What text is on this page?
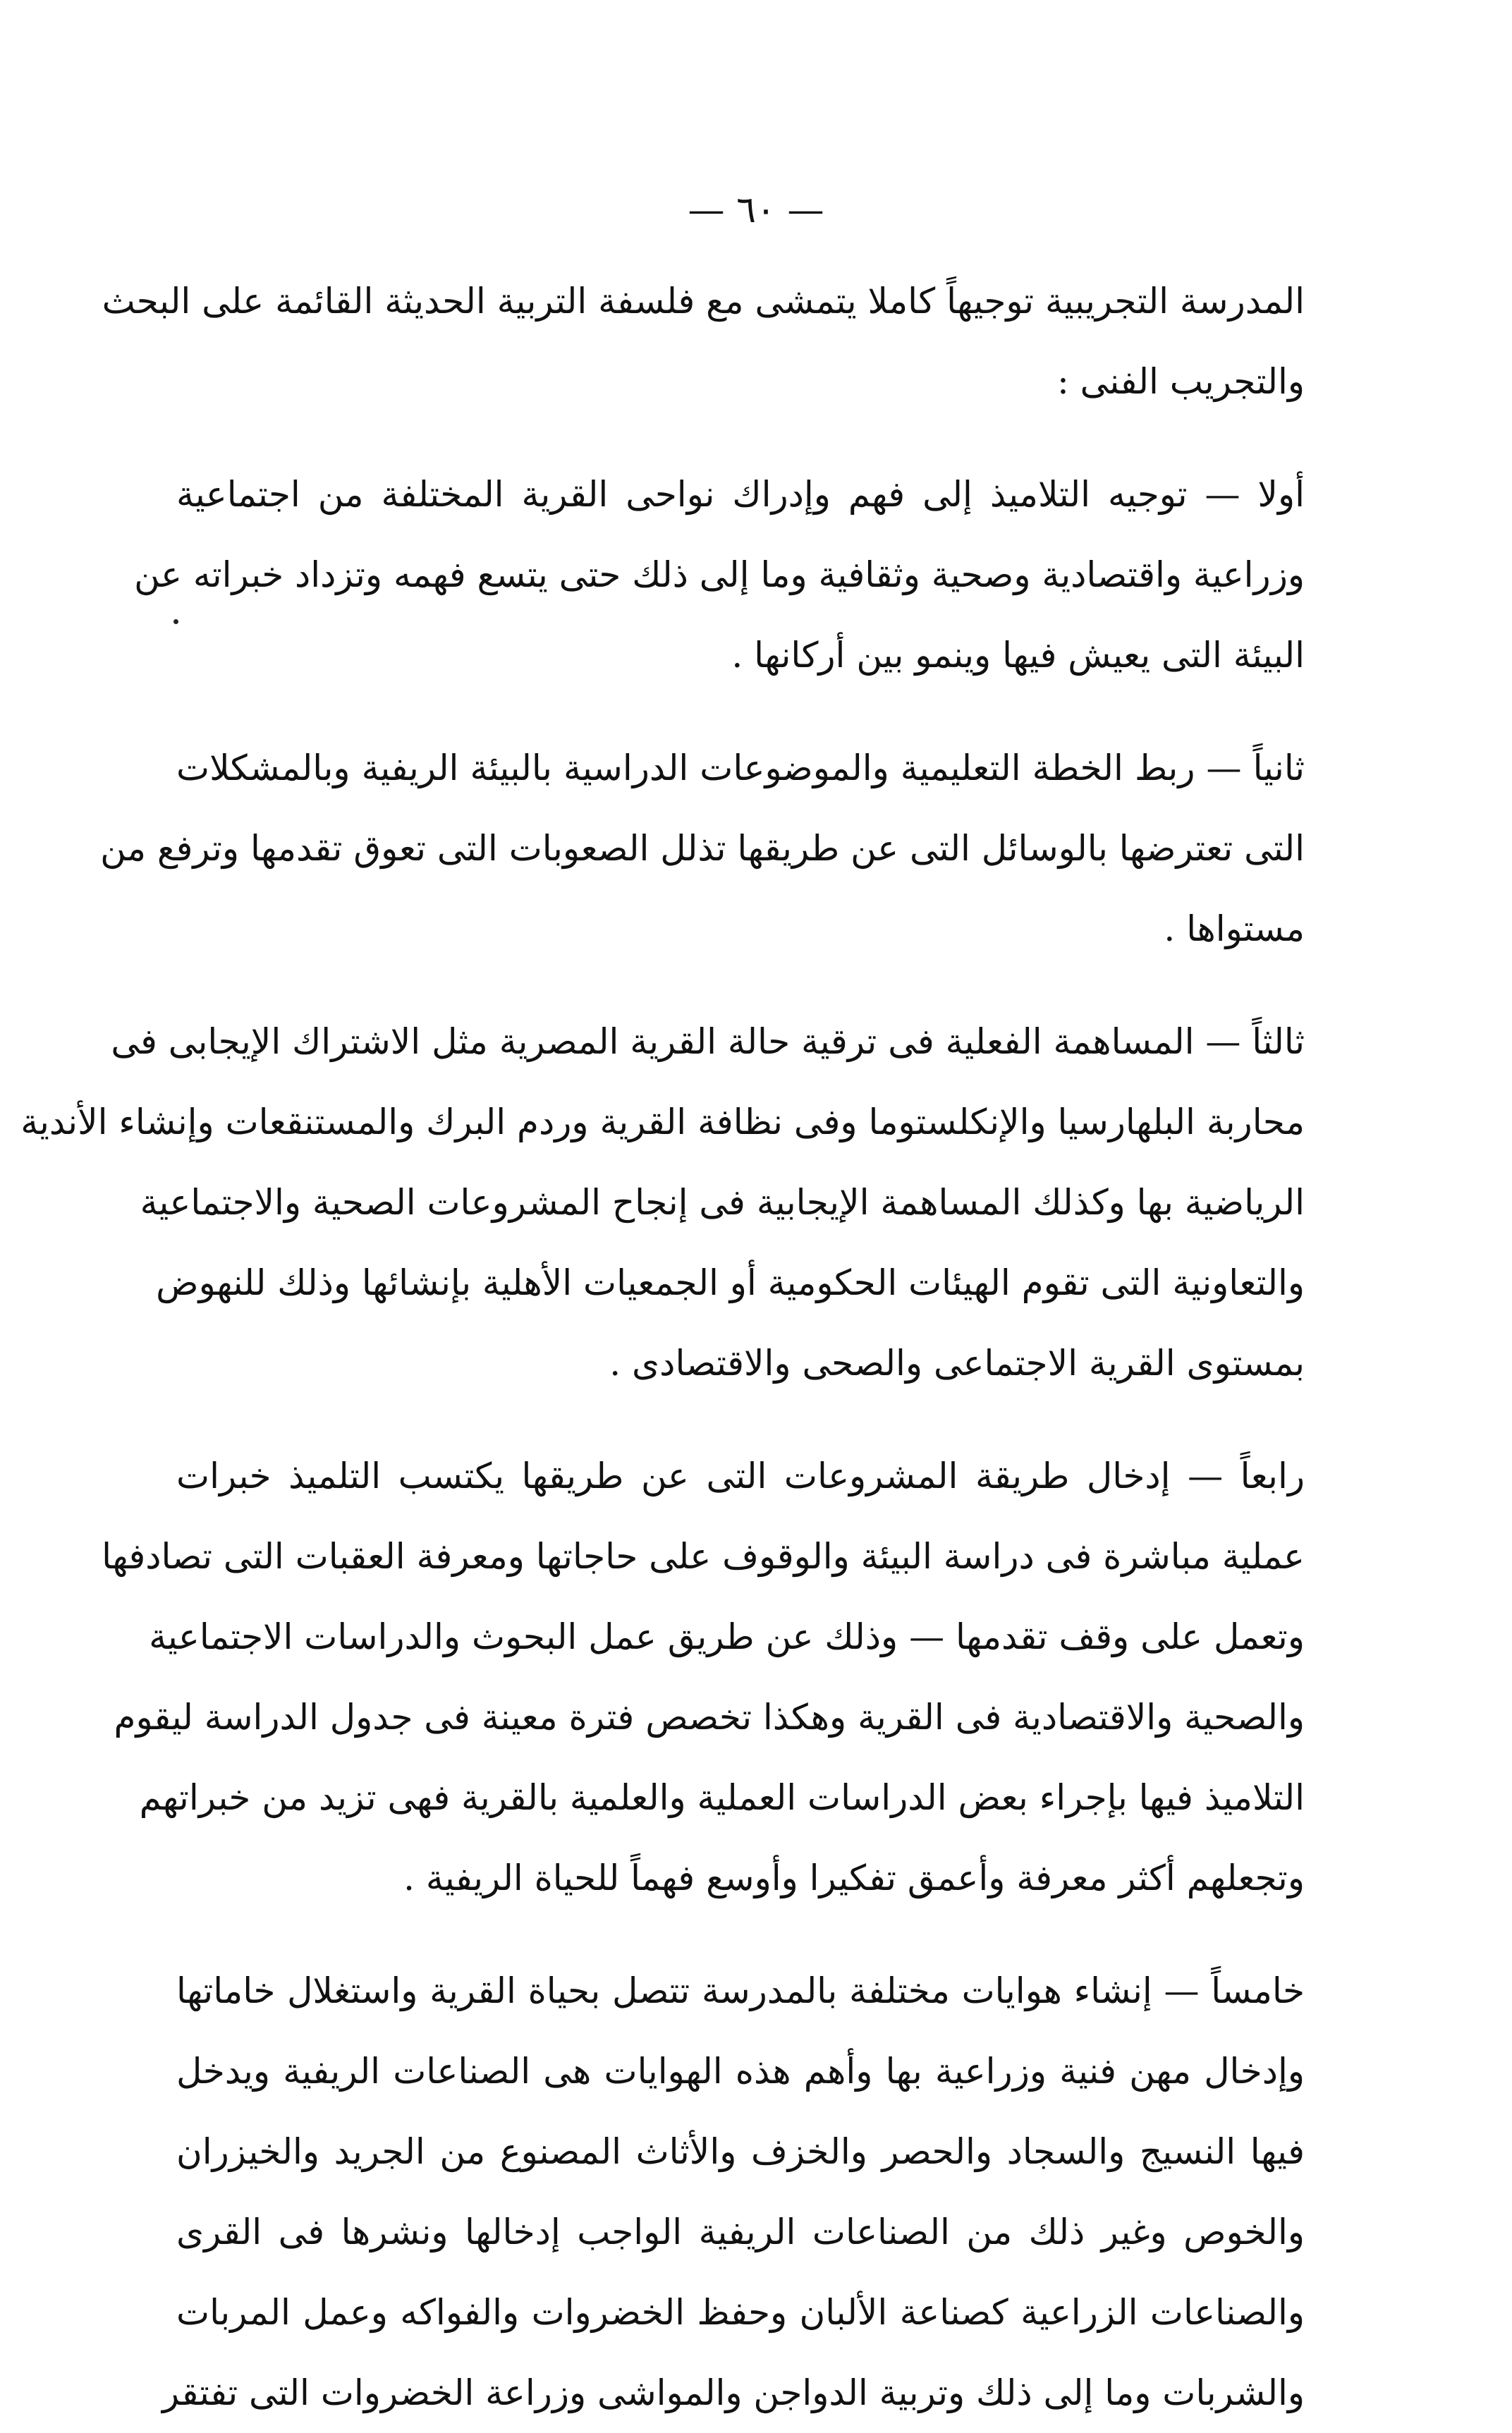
— ٦٠ —

المدرسة التجريبية توجيهاً كاملا يتمشى مع فلسفة التربية الحديثة القائمة على البحث
والتجريب الفنى :

أولا — توجيه التلاميذ إلى فهم وإدراك نواحى القرية المختلفة من اجتماعية
وزراعية واقتصادية وصحية وثقافية وما إلى ذلك حتى يتسع فهمه وتزداد خبراته عن
البيئة التى يعيش فيها وينمو بين أركانها .

ثانياً — ربط الخطة التعليمية والموضوعات الدراسية بالبيئة الريفية وبالمشكلات
التى تعترضها بالوسائل التى عن طريقها تذلل الصعوبات التى تعوق تقدمها وترفع من
مستواها .

ثالثاً — المساهمة الفعلية فى ترقية حالة القرية المصرية مثل الاشتراك الإيجابى فى
محاربة البلهارسيا والإنكلستوما وفى نظافة القرية وردم البرك والمستنقعات وإنشاء الأندية
الرياضية بها وكذلك المساهمة الإيجابية فى إنجاح المشروعات الصحية والاجتماعية
والتعاونية التى تقوم الهيئات الحكومية أو الجمعيات الأهلية بإنشائها وذلك للنهوض
بمستوى القرية الاجتماعى والصحى والاقتصادى .

رابعاً — إدخال طريقة المشروعات التى عن طريقها يكتسب التلميذ خبرات
عملية مباشرة فى دراسة البيئة والوقوف على حاجاتها ومعرفة العقبات التى تصادفها
وتعمل على وقف تقدمها — وذلك عن طريق عمل البحوث والدراسات الاجتماعية
والصحية والاقتصادية فى القرية وهكذا تخصص فترة معينة فى جدول الدراسة ليقوم
التلاميذ فيها بإجراء بعض الدراسات العملية والعلمية بالقرية فهى تزيد من خبراتهم
وتجعلهم أكثر معرفة وأعمق تفكيرا وأوسع فهماً للحياة الريفية .

خامساً — إنشاء هوايات مختلفة بالمدرسة تتصل بحياة القرية واستغلال خاماتها
وإدخال مهن فنية وزراعية بها وأهم هذه الهوايات هى الصناعات الريفية ويدخل
فيها النسيج والسجاد والحصر والخزف والأثاث المصنوع من الجريد والخيزران
والخوص وغير ذلك من الصناعات الريفية الواجب إدخالها ونشرها فى القرى
والصناعات الزراعية كصناعة الألبان وحفظ الخضروات والفواكه وعمل المربات
والشربات وما إلى ذلك وتربية الدواجن والمواشى وزراعة الخضروات التى تفتقر
